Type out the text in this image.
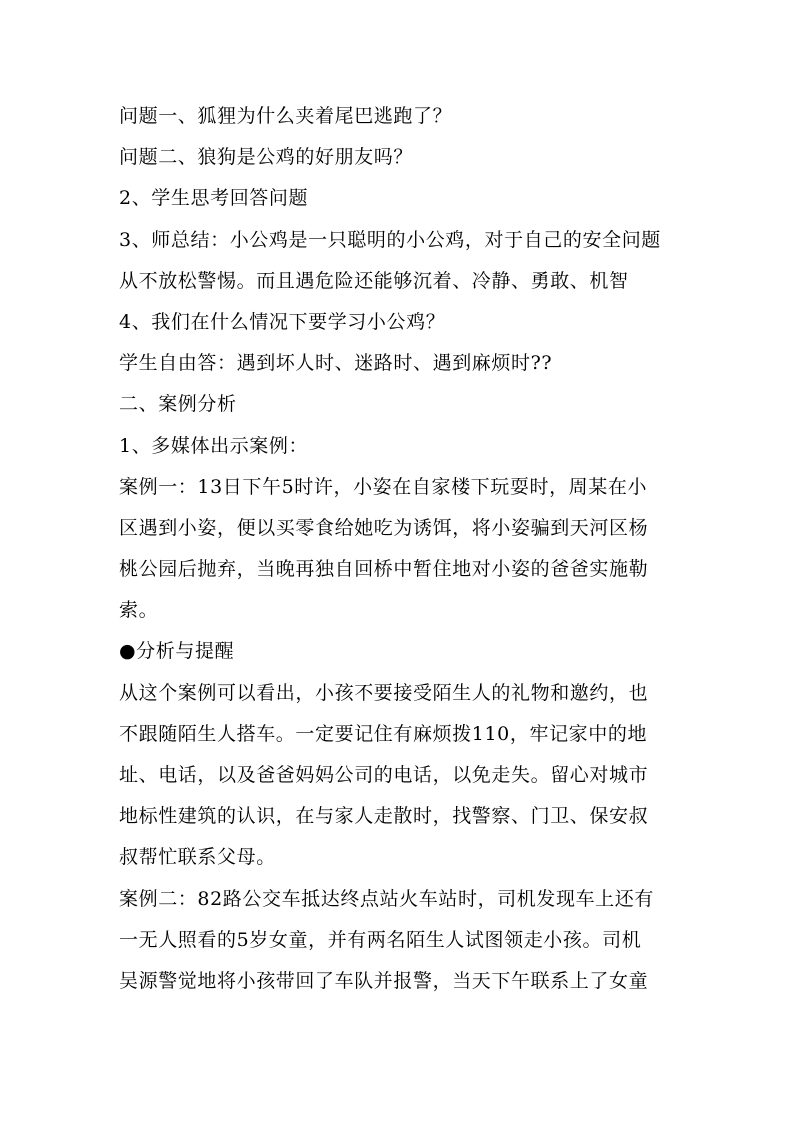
问题一、狐狸为什么夹着尾巴逃跑了？
问题二、狼狗是公鸡的好朋友吗？
2、学生思考回答问题
3、师总结：小公鸡是一只聪明的小公鸡，对于自己的安全问题
从不放松警惕。而且遇危险还能够沉着、冷静、勇敢、机智
4、我们在什么情况下要学习小公鸡？
学生自由答：遇到坏人时、迷路时、遇到麻烦时??
二、案例分析
1、多媒体出示案例：
案例一：13日下午5时许，小姿在自家楼下玩耍时，周某在小
区遇到小姿，便以买零食给她吃为诱饵，将小姿骗到天河区杨
桃公园后抛弃，当晚再独自回桥中暂住地对小姿的爸爸实施勒
索。
●分析与提醒
从这个案例可以看出，小孩不要接受陌生人的礼物和邀约，也
不跟随陌生人搭车。一定要记住有麻烦拨110，牢记家中的地
址、电话，以及爸爸妈妈公司的电话，以免走失。留心对城市
地标性建筑的认识，在与家人走散时，找警察、门卫、保安叔
叔帮忙联系父母。
案例二：82路公交车抵达终点站火车站时，司机发现车上还有
一无人照看的5岁女童，并有两名陌生人试图领走小孩。司机
吴源警觉地将小孩带回了车队并报警，当天下午联系上了女童
